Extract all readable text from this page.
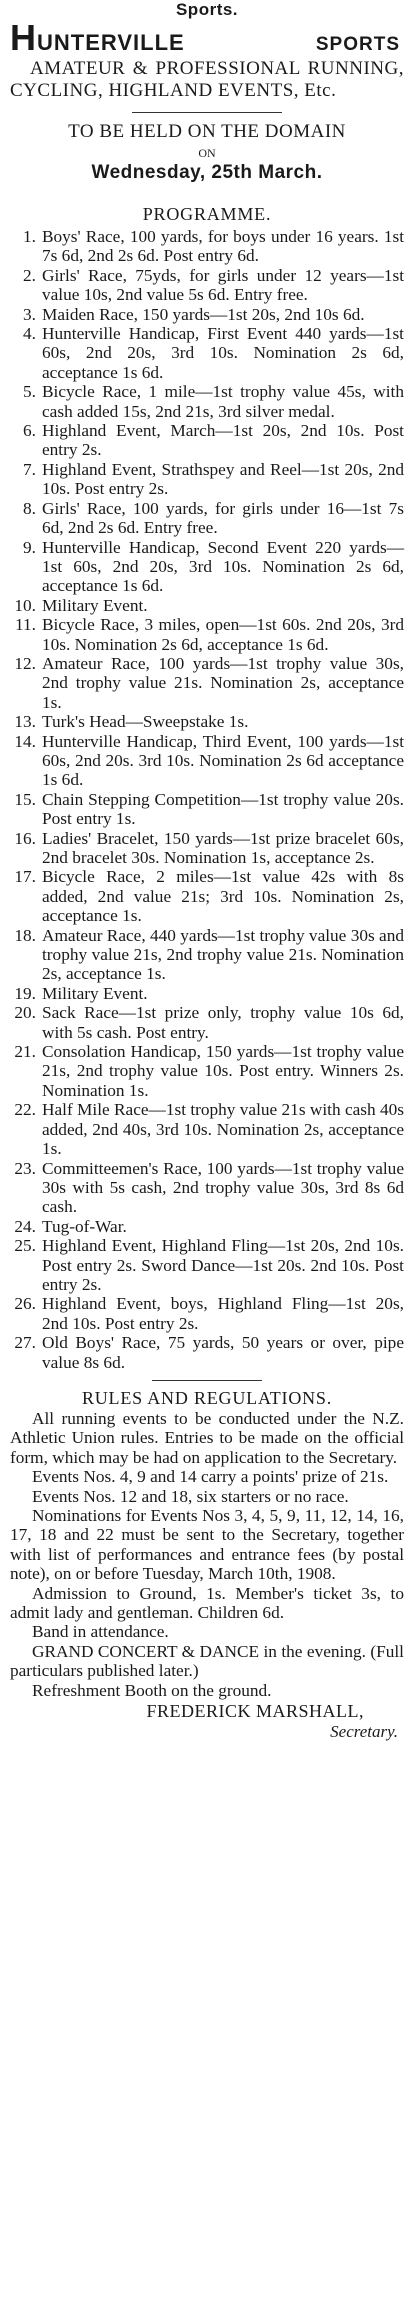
Sports.
HUNTERVILLE	SPORTS
AMATEUR & PROFESSIONAL RUNNING, CYCLING, HIGHLAND EVENTS, Etc.
TO BE HELD ON THE DOMAIN
ON
Wednesday, 25th March.
PROGRAMME.
1. Boys' Race, 100 yards, for boys under 16 years. 1st 7s 6d, 2nd 2s 6d. Post entry 6d.
2. Girls' Race, 75yds, for girls under 12 years—1st value 10s, 2nd value 5s 6d. Entry free.
3. Maiden Race, 150 yards—1st 20s, 2nd 10s 6d.
4. Hunterville Handicap, First Event 440 yards—1st 60s, 2nd 20s, 3rd 10s. Nomination 2s 6d, acceptance 1s 6d.
5. Bicycle Race, 1 mile—1st trophy value 45s, with cash added 15s, 2nd 21s, 3rd silver medal.
6. Highland Event, March—1st 20s, 2nd 10s. Post entry 2s.
7. Highland Event, Strathspey and Reel—1st 20s, 2nd 10s. Post entry 2s.
8. Girls' Race, 100 yards, for girls under 16—1st 7s 6d, 2nd 2s 6d. Entry free.
9. Hunterville Handicap, Second Event 220 yards—1st 60s, 2nd 20s, 3rd 10s. Nomination 2s 6d, acceptance 1s 6d.
10. Military Event.
11. Bicycle Race, 3 miles, open—1st 60s. 2nd 20s, 3rd 10s. Nomination 2s 6d, acceptance 1s 6d.
12. Amateur Race, 100 yards—1st trophy value 30s, 2nd trophy value 21s. Nomination 2s, acceptance 1s.
13. Turk's Head—Sweepstake 1s.
14. Hunterville Handicap, Third Event, 100 yards—1st 60s, 2nd 20s. 3rd 10s. Nomination 2s 6d acceptance 1s 6d.
15. Chain Stepping Competition—1st trophy value 20s. Post entry 1s.
16. Ladies' Bracelet, 150 yards—1st prize bracelet 60s, 2nd bracelet 30s. Nomination 1s, acceptance 2s.
17. Bicycle Race, 2 miles—1st value 42s with 8s added, 2nd value 21s; 3rd 10s. Nomination 2s, acceptance 1s.
18. Amateur Race, 440 yards—1st trophy value 30s and trophy value 21s, 2nd trophy value 21s. Nomination 2s, acceptance 1s.
19. Military Event.
20. Sack Race—1st prize only, trophy value 10s 6d, with 5s cash. Post entry.
21. Consolation Handicap, 150 yards—1st trophy value 21s, 2nd trophy value 10s. Post entry. Winners 2s. Nomination 1s.
22. Half Mile Race—1st trophy value 21s with cash 40s added, 2nd 40s, 3rd 10s. Nomination 2s, acceptance 1s.
23. Committeemen's Race, 100 yards—1st trophy value 30s with 5s cash, 2nd trophy value 30s, 3rd 8s 6d cash.
24. Tug-of-War.
25. Highland Event, Highland Fling—1st 20s, 2nd 10s. Post entry 2s. Sword Dance—1st 20s. 2nd 10s. Post entry 2s.
26. Highland Event, boys, Highland Fling—1st 20s, 2nd 10s. Post entry 2s.
27. Old Boys' Race, 75 yards, 50 years or over, pipe value 8s 6d.
RULES AND REGULATIONS.

All running events to be conducted under the N.Z. Athletic Union rules. Entries to be made on the official form, which may be had on application to the Secretary.

Events Nos. 4, 9 and 14 carry a points' prize of 21s.

Events Nos. 12 and 18, six starters or no race.

Nominations for Events Nos 3, 4, 5, 9, 11, 12, 14, 16, 17, 18 and 22 must be sent to the Secretary, together with list of performances and entrance fees (by postal note), on or before Tuesday, March 10th, 1908.

Admission to Ground, 1s. Member's ticket 3s, to admit lady and gentleman. Children 6d.

Band in attendance.

GRAND CONCERT & DANCE in the evening. (Full particulars published later.)

Refreshment Booth on the ground.

FREDERICK MARSHALL,
Secretary.
